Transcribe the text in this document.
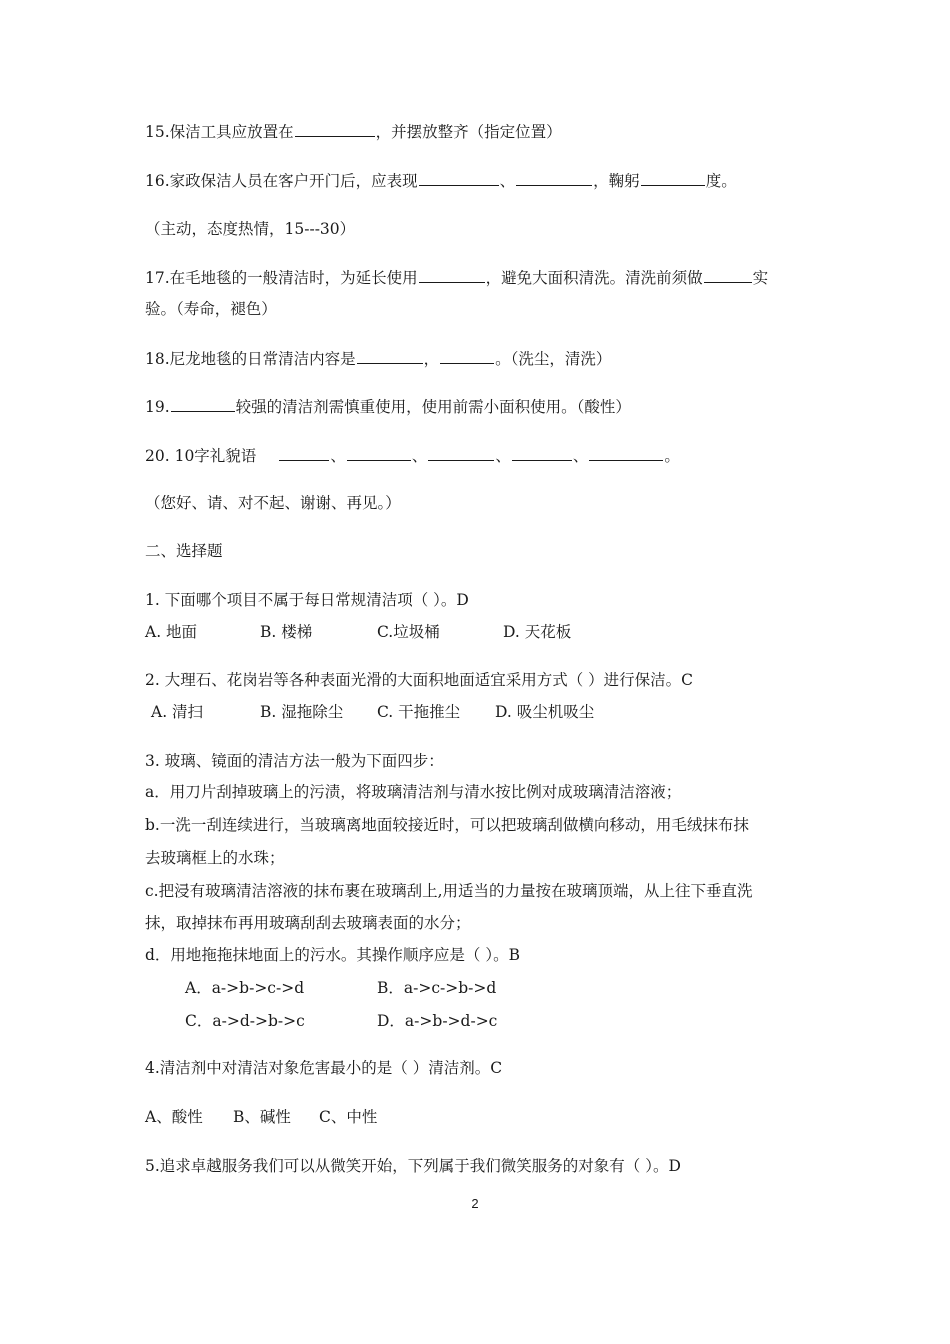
15.保洁工具应放置在	，并摆放整齐（指定位置）
16.家政保洁人员在客户开门后，应表现	、	，鞠躬	度。
（主动，态度热情，15---30）
17.在毛地毯的一般清洁时，为延长使用	，避免大面积清洗。清洗前须做	实
验。（寿命，褪色）
18.尼龙地毯的日常清洁内容是	，	。（洗尘，清洗）
19.	较强的清洁剂需慎重使用，使用前需小面积使用。（酸性）
20. 10字礼貌语	、	、	、	、	。
（您好、请、对不起、谢谢、再见。）
二、选择题
1. 下面哪个项目不属于每日常规清洁项（ ）。D
A. 地面	B. 楼梯	C.垃圾桶	D. 天花板
2. 大理石、花岗岩等各种表面光滑的大面积地面适宜采用方式（ ）进行保洁。C
A. 清扫	B. 湿拖除尘 C. 干拖推尘 D. 吸尘机吸尘
3. 玻璃、镜面的清洁方法一般为下面四步：
a．用刀片刮掉玻璃上的污渍，将玻璃清洁剂与清水按比例对成玻璃清洁溶液；
b.一洗一刮连续进行，当玻璃离地面较接近时，可以把玻璃刮做横向移动，用毛绒抹布抹
去玻璃框上的水珠；
c.把浸有玻璃清洁溶液的抹布裹在玻璃刮上,用适当的力量按在玻璃顶端，从上往下垂直洗
抹，取掉抹布再用玻璃刮刮去玻璃表面的水分；
d．用地拖拖抹地面上的污水。其操作顺序应是（ ）。B
A．a->b->c->d	B．a->c->b->d
C．a->d->b->c	D．a->b->d->c
4.清洁剂中对清洁对象危害最小的是（ ）清洁剂。C
A、酸性 B、碱性 C、中性
5.追求卓越服务我们可以从微笑开始，下列属于我们微笑服务的对象有（ ）。D
2
